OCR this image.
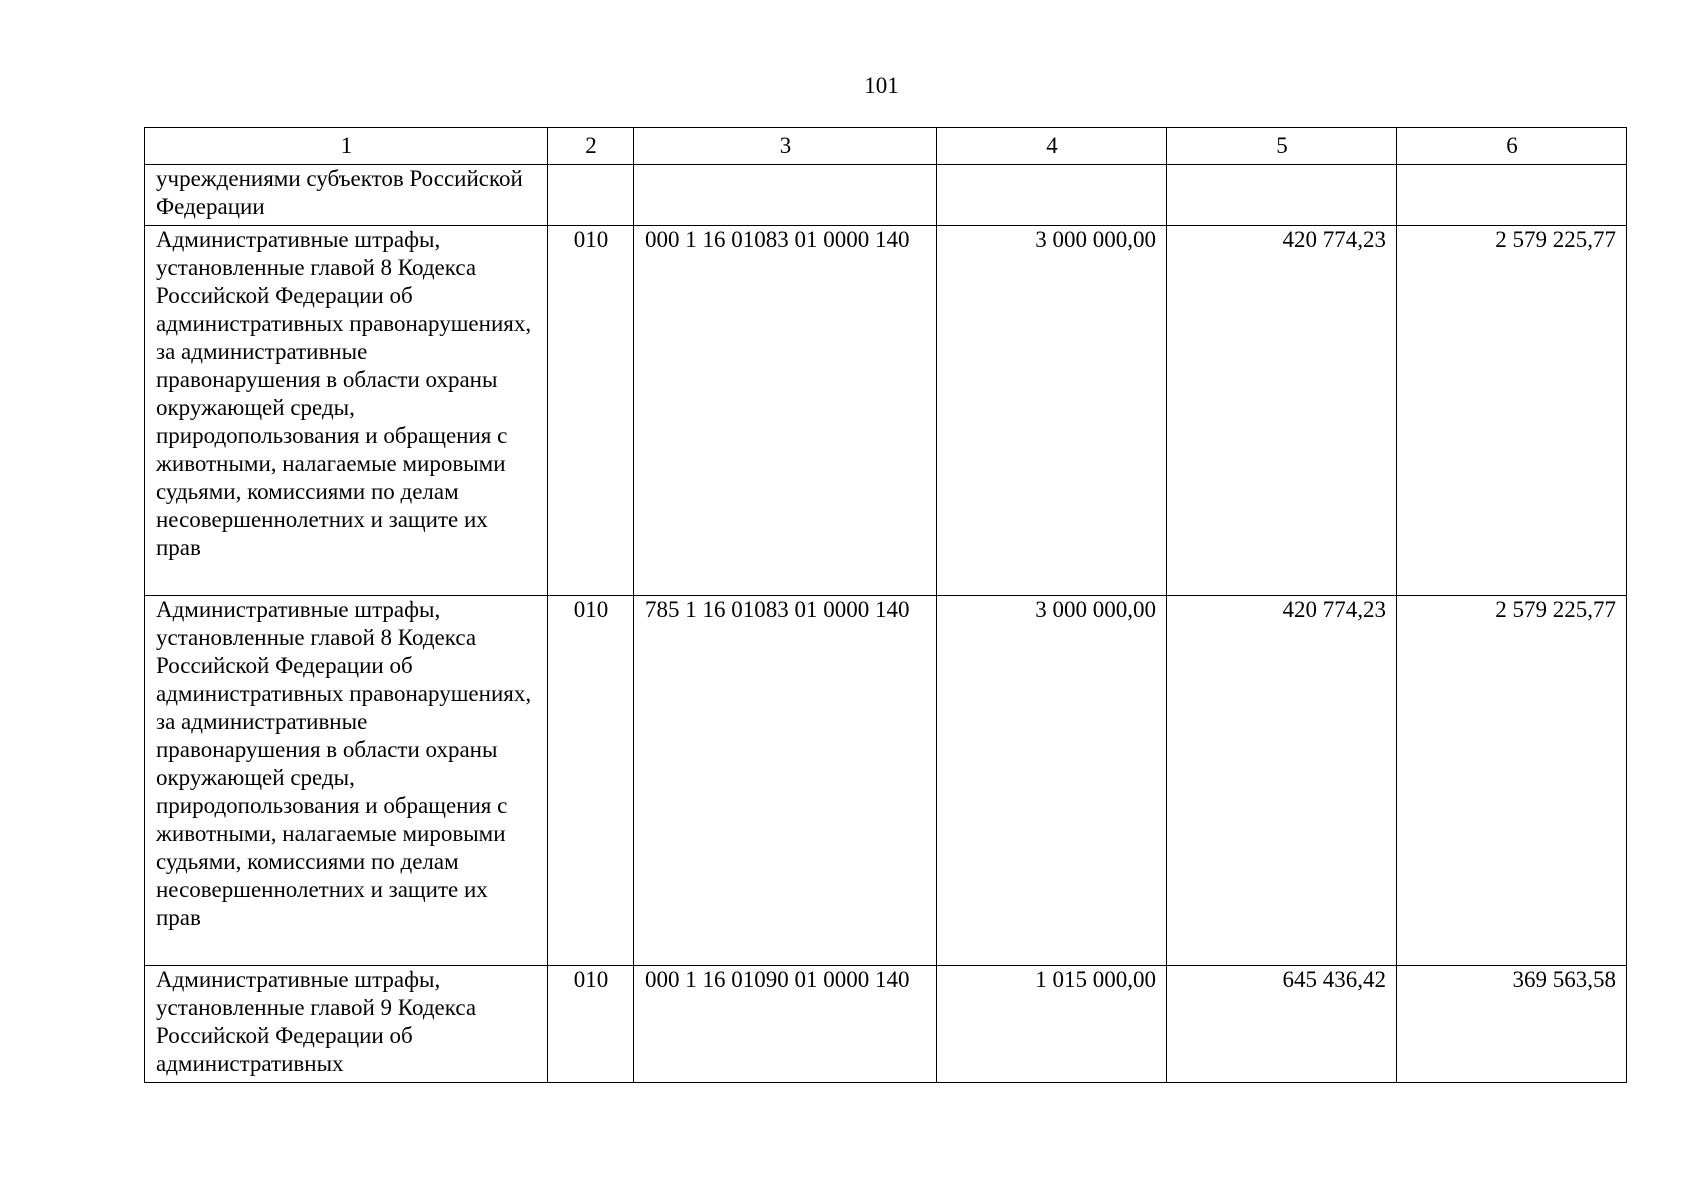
101
1	2	3	4	5	6
учреждениями субъектов Российской Федерации					
Административные штрафы, установленные главой 8 Кодекса Российской Федерации об административных правонарушениях, за административные правонарушения в области охраны окружающей среды, природопользования и обращения с животными, налагаемые мировыми судьями, комиссиями по делам несовершеннолетних и защите их прав	010	000 1 16 01083 01 0000 140	3 000 000,00	420 774,23	2 579 225,77
Административные штрафы, установленные главой 8 Кодекса Российской Федерации об административных правонарушениях, за административные правонарушения в области охраны окружающей среды, природопользования и обращения с животными, налагаемые мировыми судьями, комиссиями по делам несовершеннолетних и защите их прав	010	785 1 16 01083 01 0000 140	3 000 000,00	420 774,23	2 579 225,77
Административные штрафы, установленные главой 9 Кодекса Российской Федерации об административных	010	000 1 16 01090 01 0000 140	1 015 000,00	645 436,42	369 563,58
